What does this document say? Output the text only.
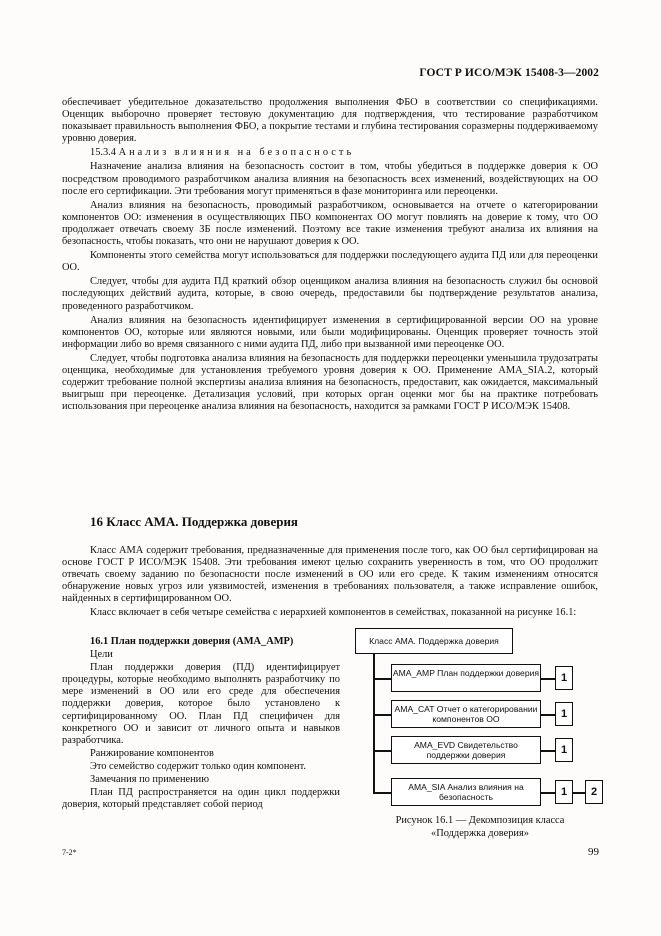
ГОСТ Р ИСО/МЭК 15408-3—2002

обеспечивает убедительное доказательство продолжения выполнения ФБО в соответствии со спецификациями. Оценщик выборочно проверяет тестовую документацию для подтверждения, что тестирование разработчиком показывает правильность выполнения ФБО, а покрытие тестами и глубина тестирования соразмерны поддерживаемому уровню доверия.

15.3.4 Анализ влияния на безопасность

Назначение анализа влияния на безопасность состоит в том, чтобы убедиться в поддержке доверия к ОО посредством проводимого разработчиком анализа влияния на безопасность всех изменений, воздействующих на ОО после его сертификации. Эти требования могут применяться в фазе мониторинга или переоценки.

Анализ влияния на безопасность, проводимый разработчиком, основывается на отчете о категорировании компонентов ОО: изменения в осуществляющих ПБО компонентах ОО могут повлиять на доверие к тому, что ОО продолжает отвечать своему ЗБ после изменений. Поэтому все такие изменения требуют анализа их влияния на безопасность, чтобы показать, что они не нарушают доверия к ОО.

Компоненты этого семейства могут использоваться для поддержки последующего аудита ПД или для переоценки ОО.

Следует, чтобы для аудита ПД краткий обзор оценщиком анализа влияния на безопасность служил бы основой последующих действий аудита, которые, в свою очередь, предоставили бы подтверждение результатов анализа, проведенного разработчиком.

Анализ влияния на безопасность идентифицирует изменения в сертифицированной версии ОО на уровне компонентов ОО, которые или являются новыми, или были модифицированы. Оценщик проверяет точность этой информации либо во время связанного с ними аудита ПД, либо при вызванной ими переоценке ОО.

Следует, чтобы подготовка анализа влияния на безопасность для поддержки переоценки уменьшила трудозатраты оценщика, необходимые для установления требуемого уровня доверия к ОО. Применение AMA_SIA.2, который содержит требование полной экспертизы анализа влияния на безопасность, предоставит, как ожидается, максимальный выигрыш при переоценке. Детализация условий, при которых орган оценки мог бы на практике потребовать использования при переоценке анализа влияния на безопасность, находится за рамками ГОСТ Р ИСО/МЭК 15408.

16 Класс АМА. Поддержка доверия

Класс АМА содержит требования, предназначенные для применения после того, как ОО был сертифицирован на основе ГОСТ Р ИСО/МЭК 15408. Эти требования имеют целью сохранить уверенность в том, что ОО продолжит отвечать своему заданию по безопасности после изменений в ОО или его среде. К таким изменениям относятся обнаружение новых угроз или уязвимостей, изменения в требованиях пользователя, а также исправление ошибок, найденных в сертифицированном ОО.

Класс включает в себя четыре семейства с иерархией компонентов в семействах, показанной на рисунке 16.1:

16.1 План поддержки доверия (AMA_AMP)

Цели

План поддержки доверия (ПД) идентифицирует процедуры, которые необходимо выполнять разработчику по мере изменений в ОО или его среде для обеспечения поддержки доверия, которое было установлено к сертифицированному ОО. План ПД специфичен для конкретного ОО и зависит от личного опыта и навыков разработчика.

Ранжирование компонентов

Это семейство содержит только один компонент.

Замечания по применению

План ПД распространяется на один цикл поддержки доверия, который представляет собой период

Класс АМА. Поддержка доверия
AMA_AMP План поддержки доверия 1
AMA_CAT Отчет о категорировании компонентов ОО	1
AMA_EVD Свидетельство поддержки доверия	1
AMA_SIA Анализ влияния на безопасность	1 2
Рисунок 16.1 — Декомпозиция класса «Поддержка доверия»
7-2*	99
